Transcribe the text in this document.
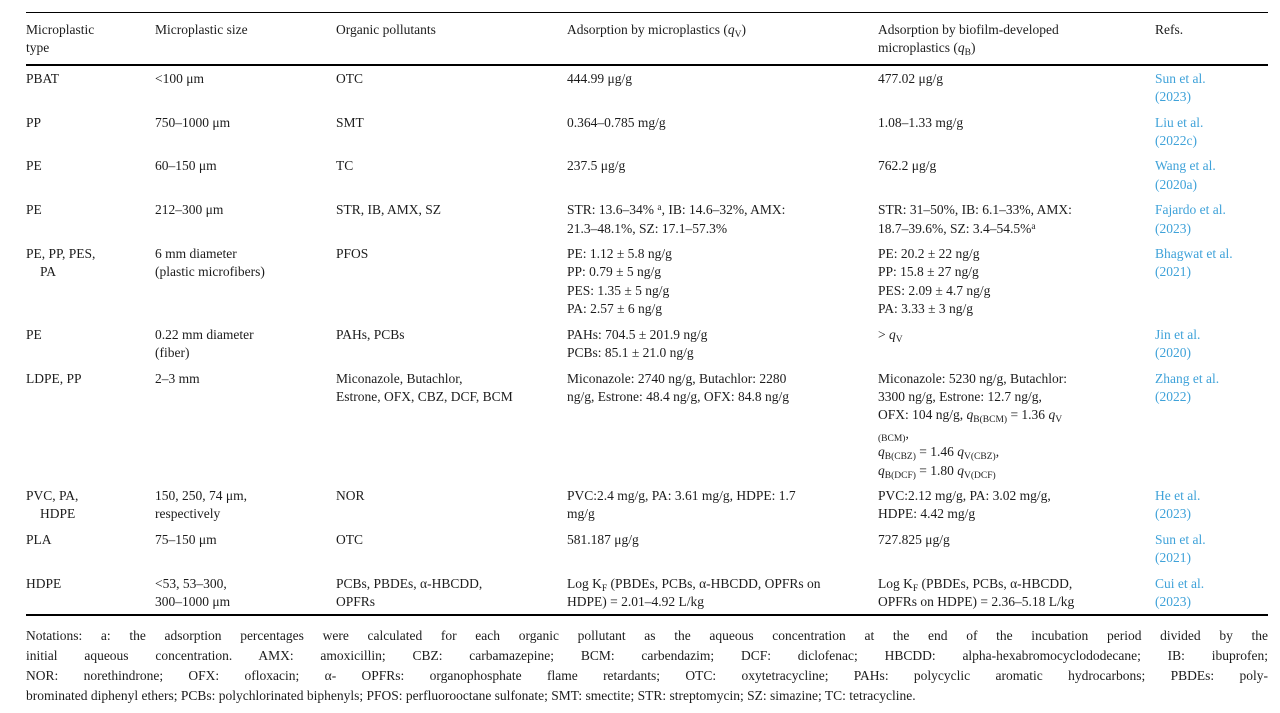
Microplastic
type	Microplastic size	Organic pollutants	Adsorption by microplastics $(q_V)$	Adsorption by biofilm-developed
microplastics $(q_B)$	Refs.
PBAT	<100 μm	OTC	444.99 μg/g	477.02 μg/g	Sun et al.
(2023)
PP	750–1000 μm	SMT	0.364–0.785 mg/g	1.08–1.33 mg/g	Liu et al.
(2022c)
PE	60–150 μm	TC	237.5 μg/g	762.2 μg/g	Wang et al.
(2020a)
PE	212–300 μm	STR, IB, AMX, SZ	STR: 13.6–34% $^a$, IB: 14.6–32%, AMX:
21.3–48.1%, SZ: 17.1–57.3%	STR: 31–50%, IB: 6.1–33%, AMX:
18.7–39.6%, SZ: 3.4–54.5%$^a$	Fajardo et al.
(2023)
PE, PP, PES,
PA	6 mm diameter
(plastic microfibers)	PFOS	PE: 1.12 ± 5.8 ng/g
PP: 0.79 ± 5 ng/g
PES: 1.35 ± 5 ng/g
PA: 2.57 ± 6 ng/g	PE: 20.2 ± 22 ng/g
PP: 15.8 ± 27 ng/g
PES: 2.09 ± 4.7 ng/g
PA: 3.33 ± 3 ng/g	Bhagwat et al.
(2021)
PE	0.22 mm diameter
(fiber)	PAHs, PCBs	PAHs: 704.5 ± 201.9 ng/g
PCBs: 85.1 ± 21.0 ng/g	> $q_V$	Jin et al.
(2020)
LDPE, PP	2–3 mm	Miconazole, Butachlor,
Estrone, OFX, CBZ, DCF, BCM	Miconazole: 2740 ng/g, Butachlor: 2280
ng/g, Estrone: 48.4 ng/g, OFX: 84.8 ng/g	Miconazole: 5230 ng/g, Butachlor:
3300 ng/g, Estrone: 12.7 ng/g,
OFX: 104 ng/g, $q_{B(BCM)} = 1.36$ $q_V$
$_{(BCM)}$,
$q_{B(CBZ)} = 1.46$ $q_{V(CBZ)}$,
$q_{B(DCF)} = 1.80$ $q_{V(DCF)}$	Zhang et al.
(2022)
PVC, PA,
HDPE	150, 250, 74 μm,
respectively	NOR	PVC:2.4 mg/g, PA: 3.61 mg/g, HDPE: 1.7
mg/g	PVC:2.12 mg/g, PA: 3.02 mg/g,
HDPE: 4.42 mg/g	He et al.
(2023)
PLA	75–150 μm	OTC	581.187 μg/g	727.825 μg/g	Sun et al.
(2021)
HDPE	<53, 53–300,
300–1000 μm	PCBs, PBDEs, α-HBCDD,
OPFRs	Log $K_F$ (PBDEs, PCBs, α-HBCDD, OPFRs on
HDPE) = 2.01–4.92 L/kg	Log $K_F$ (PBDEs, PCBs, α-HBCDD,
OPFRs on HDPE) = 2.36–5.18 L/kg	Cui et al.
(2023)
Notations: a: the adsorption percentages were calculated for each organic pollutant as the aqueous concentration at the end of the incubation period divided by the
initial aqueous concentration. AMX: amoxicillin; CBZ: carbamazepine; BCM: carbendazim; DCF: diclofenac; HBCDD: alpha-hexabromocyclododecane; IB: ibuprofen;
NOR: norethindrone; OFX: ofloxacin; α- OPFRs: organophosphate flame retardants; OTC: oxytetracycline; PAHs: polycyclic aromatic hydrocarbons; PBDEs: poly-
brominated diphenyl ethers; PCBs: polychlorinated biphenyls; PFOS: perfluorooctane sulfonate; SMT: smectite; STR: streptomycin; SZ: simazine; TC: tetracycline.
